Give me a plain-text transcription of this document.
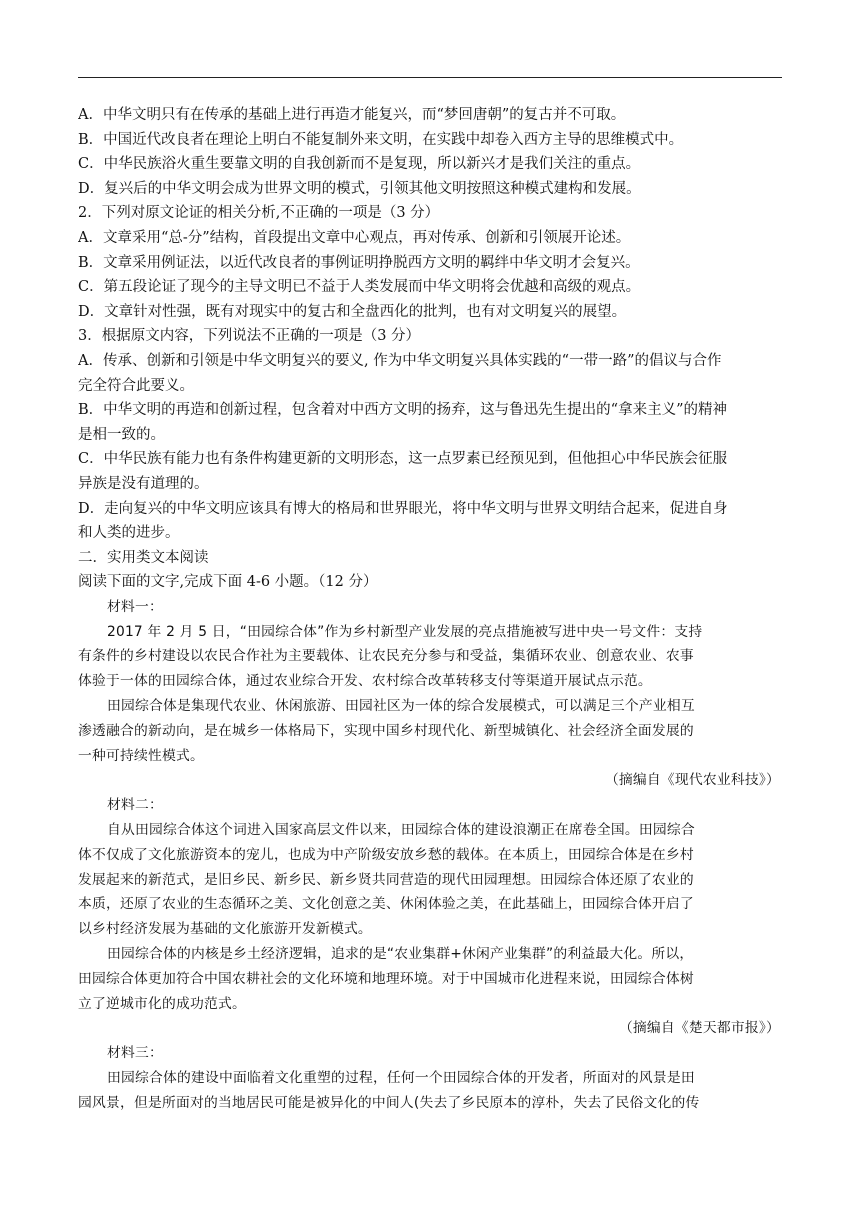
A．中华文明只有在传承的基础上进行再造才能复兴，而“梦回唐朝”的复古并不可取。
B．中国近代改良者在理论上明白不能复制外来文明，在实践中却卷入西方主导的思维模式中。
C．中华民族浴火重生要靠文明的自我创新而不是复现，所以新兴才是我们关注的重点。
D．复兴后的中华文明会成为世界文明的模式，引领其他文明按照这种模式建构和发展。
2．下列对原文论证的相关分析,不正确的一项是（3 分）
A．文章采用“总-分”结构，首段提出文章中心观点，再对传承、创新和引领展开论述。
B．文章采用例证法，以近代改良者的事例证明挣脱西方文明的羁绊中华文明才会复兴。
C．第五段论证了现今的主导文明已不益于人类发展而中华文明将会优越和高级的观点。
D．文章针对性强，既有对现实中的复古和全盘西化的批判，也有对文明复兴的展望。
3．根据原文内容，下列说法不正确的一项是（3 分）
A．传承、创新和引领是中华文明复兴的要义, 作为中华文明复兴具体实践的“一带一路”的倡议与合作
完全符合此要义。
B．中华文明的再造和创新过程，包含着对中西方文明的扬弃，这与鲁迅先生提出的“拿来主义”的精神
是相一致的。
C．中华民族有能力也有条件构建更新的文明形态，这一点罗素已经预见到，但他担心中华民族会征服
异族是没有道理的。
D．走向复兴的中华文明应该具有博大的格局和世界眼光，将中华文明与世界文明结合起来，促进自身
和人类的进步。
二．实用类文本阅读
阅读下面的文字,完成下面 4-6 小题。（12 分）
材料一：
2017 年 2 月 5 日，“田园综合体”作为乡村新型产业发展的亮点措施被写进中央一号文件：支持
有条件的乡村建设以农民合作社为主要载体、让农民充分参与和受益，集循环农业、创意农业、农事
体验于一体的田园综合体，通过农业综合开发、农村综合改革转移支付等渠道开展试点示范。
田园综合体是集现代农业、休闲旅游、田园社区为一体的综合发展模式，可以满足三个产业相互
渗透融合的新动向，是在城乡一体格局下，实现中国乡村现代化、新型城镇化、社会经济全面发展的
一种可持续性模式。
（摘编自《现代农业科技》）
材料二：
自从田园综合体这个词进入国家高层文件以来，田园综合体的建设浪潮正在席卷全国。田园综合
体不仅成了文化旅游资本的宠儿，也成为中产阶级安放乡愁的载体。在本质上，田园综合体是在乡村
发展起来的新范式，是旧乡民、新乡民、新乡贤共同营造的现代田园理想。田园综合体还原了农业的
本质，还原了农业的生态循环之美、文化创意之美、休闲体验之美，在此基础上，田园综合体开启了
以乡村经济发展为基础的文化旅游开发新模式。
田园综合体的内核是乡土经济逻辑，追求的是“农业集群+休闲产业集群”的利益最大化。所以，
田园综合体更加符合中国农耕社会的文化环境和地理环境。对于中国城市化进程来说，田园综合体树
立了逆城市化的成功范式。
（摘编自《楚天都市报》）
材料三：
田园综合体的建设中面临着文化重塑的过程，任何一个田园综合体的开发者，所面对的风景是田
园风景，但是所面对的当地居民可能是被异化的中间人(失去了乡民原本的淳朴，失去了民俗文化的传
